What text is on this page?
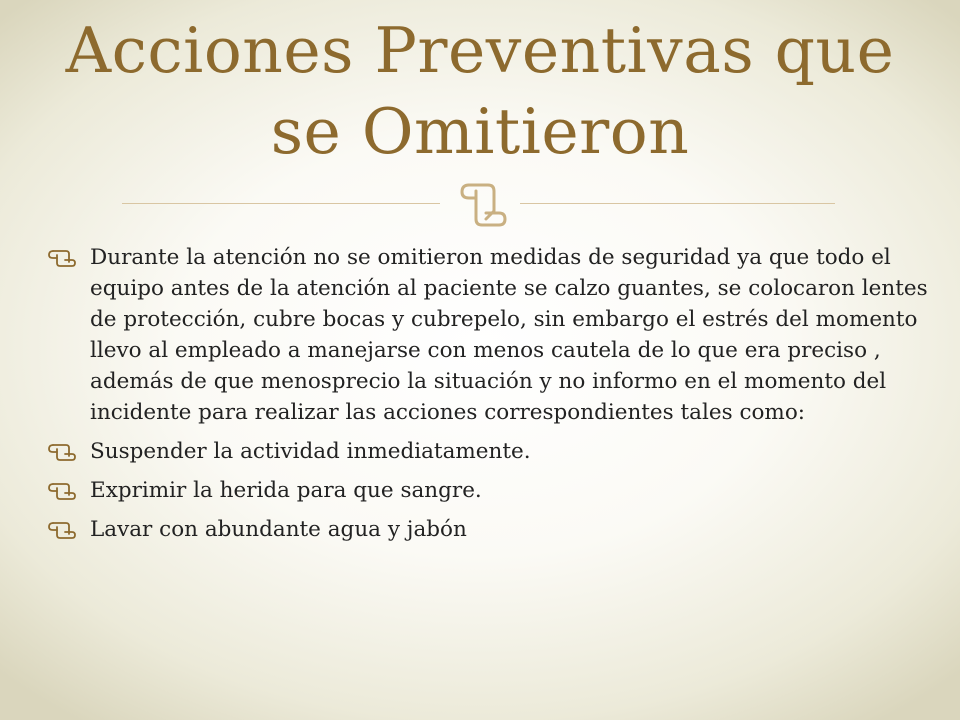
Acciones Preventivas que se Omitieron
Durante la atención no se omitieron medidas de seguridad ya que todo el equipo antes de la atención al paciente se calzo guantes, se colocaron lentes de protección, cubre bocas y cubrepelo, sin embargo el estrés del momento llevo al empleado a manejarse con menos cautela de lo que era preciso , además de que menosprecio la situación y no informo en el momento del incidente para realizar las acciones correspondientes tales como:
Suspender la actividad inmediatamente.
Exprimir la herida para que sangre.
Lavar con abundante agua y jabón
